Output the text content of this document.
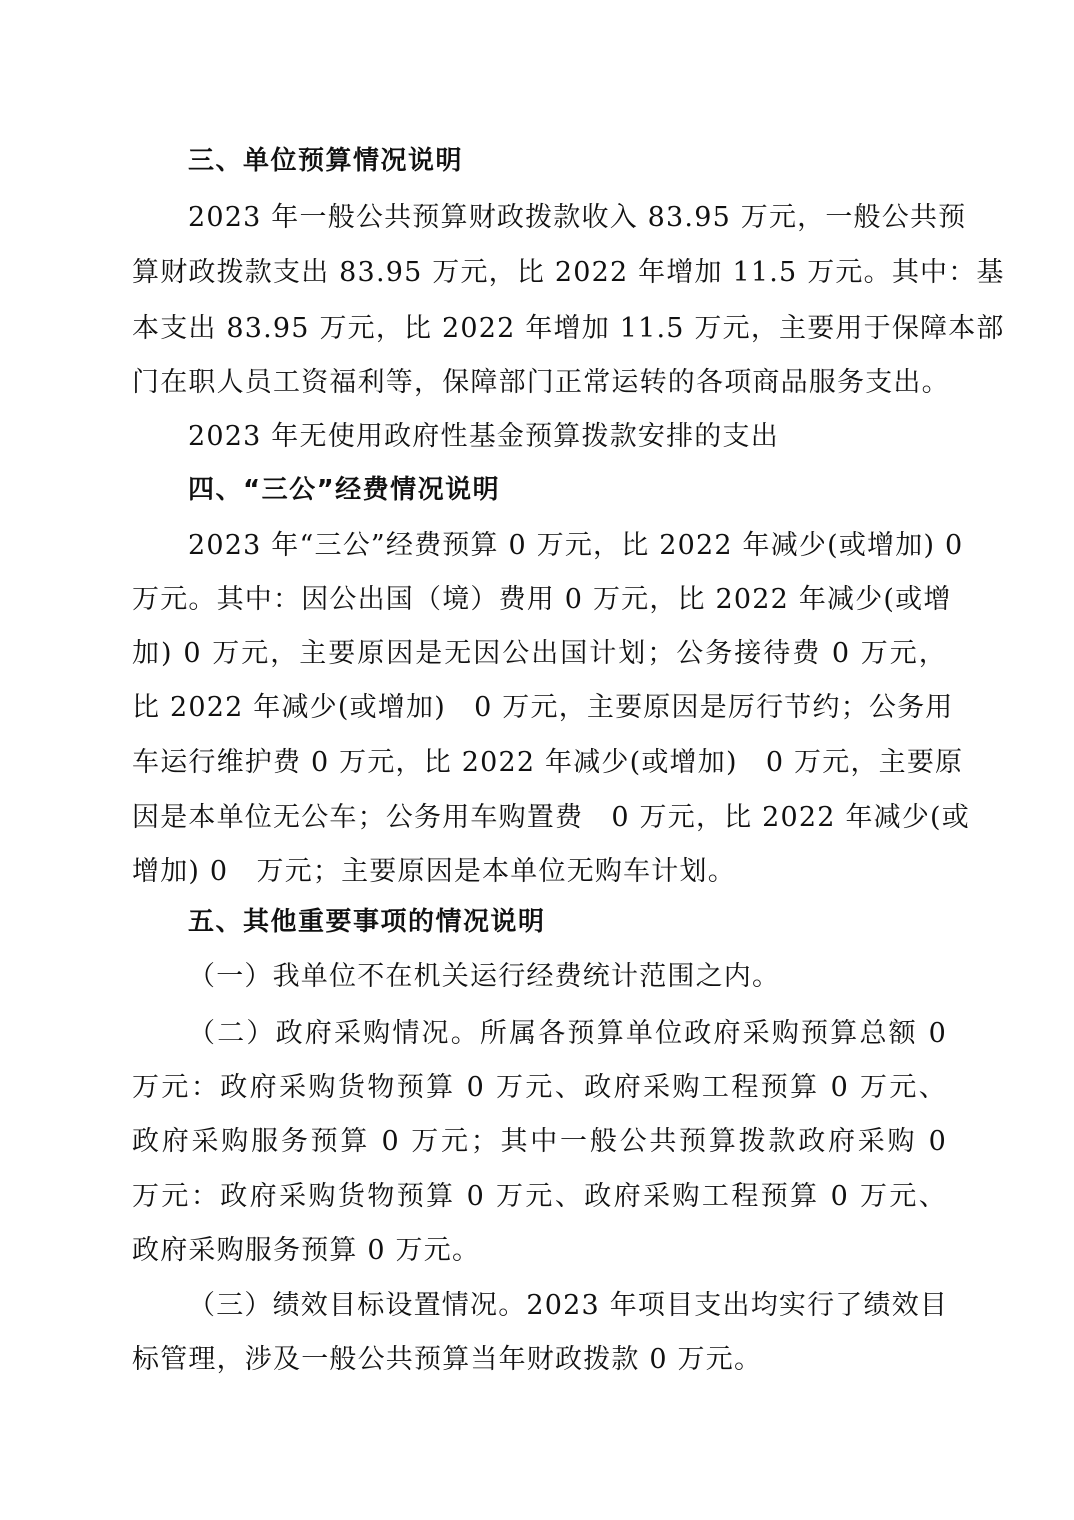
三、单位预算情况说明
2023 年一般公共预算财政拨款收入 83.95 万元，一般公共预
算财政拨款支出 83.95 万元，比 2022 年增加 11.5 万元。其中：基
本支出 83.95 万元，比 2022 年增加 11.5 万元，主要用于保障本部
门在职人员工资福利等，保障部门正常运转的各项商品服务支出。
2023 年无使用政府性基金预算拨款安排的支出
四、“三公”经费情况说明
2023 年“三公”经费预算 0 万元，比 2022 年减少(或增加) 0
万元。其中：因公出国（境）费用 0 万元，比 2022 年减少(或增
加) 0 万元，主要原因是无因公出国计划；公务接待费 0 万元，
比 2022 年减少(或增加)　0 万元，主要原因是厉行节约；公务用
车运行维护费 0 万元，比 2022 年减少(或增加)　0 万元，主要原
因是本单位无公车；公务用车购置费　0 万元，比 2022 年减少(或
增加) 0　万元；主要原因是本单位无购车计划。
五、其他重要事项的情况说明
（一）我单位不在机关运行经费统计范围之内。
（二）政府采购情况。所属各预算单位政府采购预算总额 0
万元：政府采购货物预算 0 万元、政府采购工程预算 0 万元、
政府采购服务预算 0 万元；其中一般公共预算拨款政府采购 0
万元：政府采购货物预算 0 万元、政府采购工程预算 0 万元、
政府采购服务预算 0 万元。
（三）绩效目标设置情况。2023 年项目支出均实行了绩效目
标管理，涉及一般公共预算当年财政拨款 0 万元。
